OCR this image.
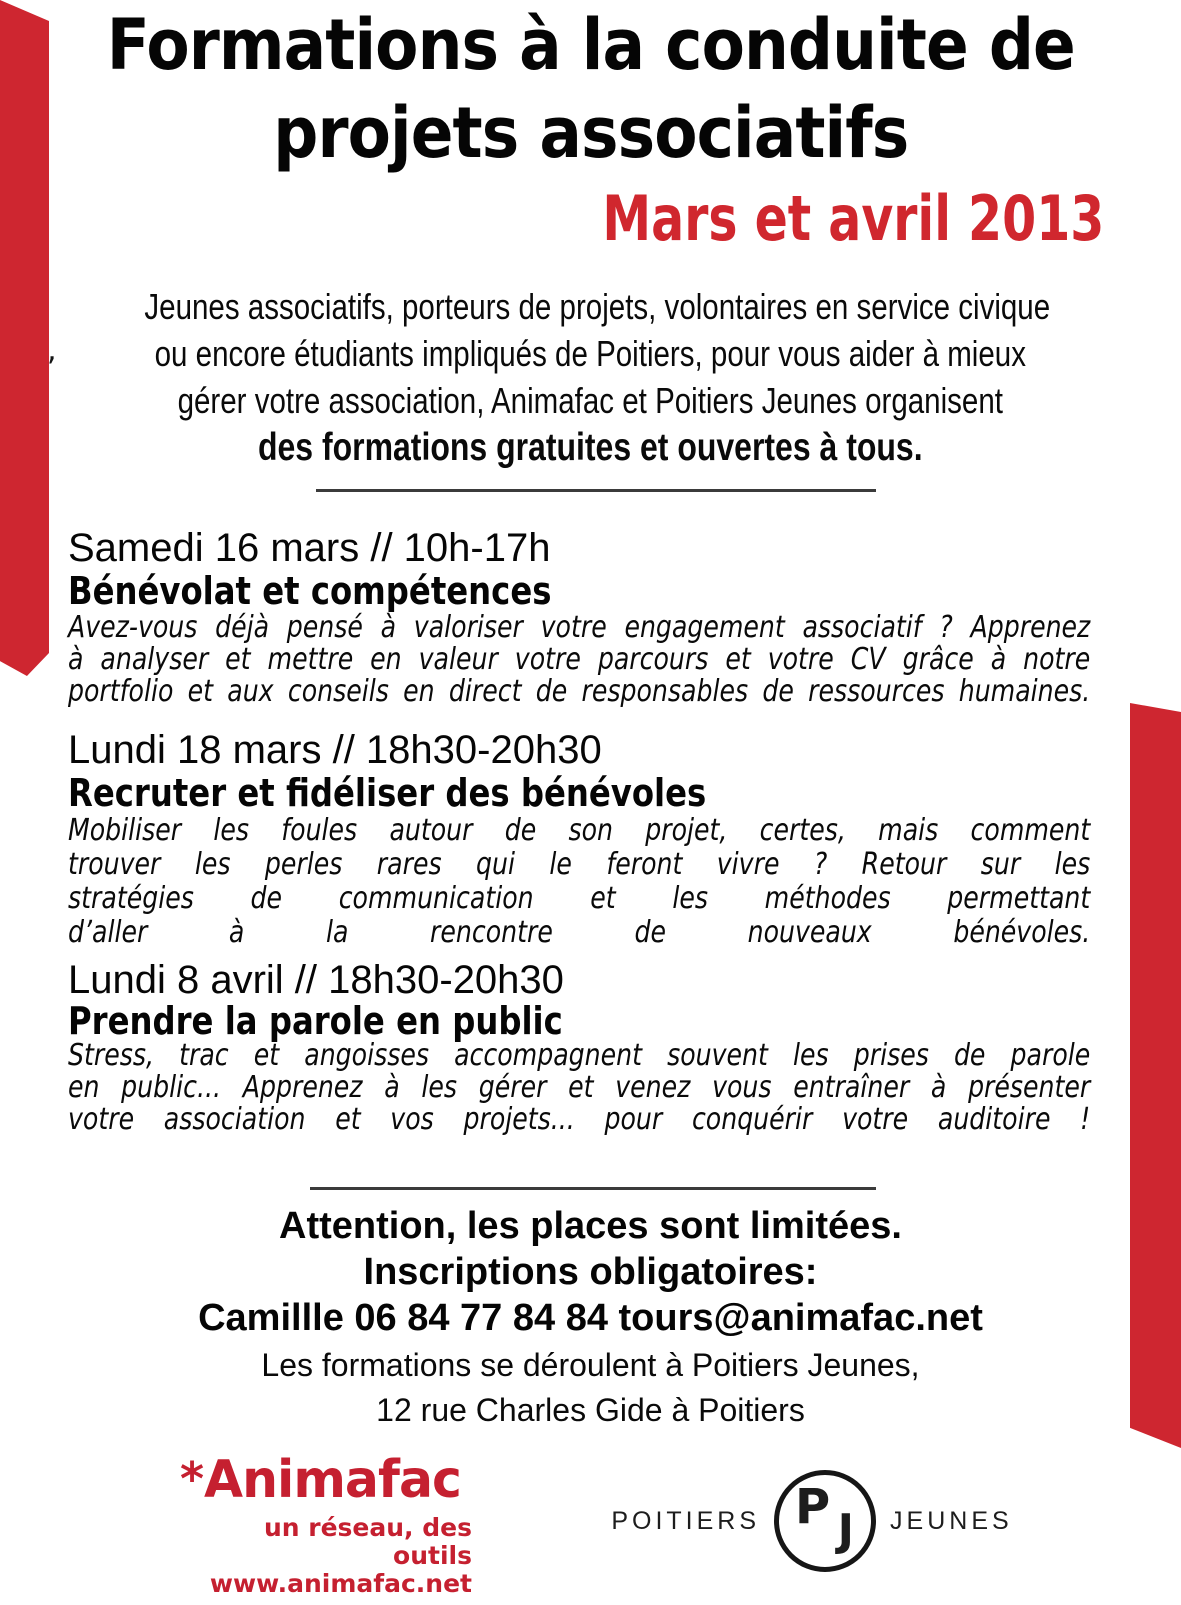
,
Formations à la conduite de
projets associatifs
Mars et avril 2013
Jeunes associatifs, porteurs de projets, volontaires en service civique
ou encore étudiants impliqués de Poitiers, pour vous aider à mieux
gérer votre association, Animafac et Poitiers Jeunes organisent
des formations gratuites et ouvertes à tous.
Samedi 16 mars // 10h-17h
Bénévolat et compétences
Avez-vous déjà pensé à valoriser votre engagement associatif ? Apprenez
à analyser et mettre en valeur votre parcours et votre CV grâce à notre
portfolio et aux conseils en direct de responsables de ressources humaines.
Lundi 18 mars // 18h30-20h30
Recruter et fidéliser des bénévoles
Mobiliser les foules autour de son projet, certes, mais comment
trouver les perles rares qui le feront vivre ? Retour sur les
stratégies de communication et les méthodes permettant
d’aller à la rencontre de nouveaux bénévoles.
Lundi 8 avril // 18h30-20h30
Prendre la parole en public
Stress, trac et angoisses accompagnent souvent les prises de parole
en public... Apprenez à les gérer et venez vous entraîner à présenter
votre association et vos projets... pour conquérir votre auditoire !
Attention, les places sont limitées.
Inscriptions obligatoires:
Camillle 06 84 77 84 84 tours@animafac.net
Les formations se déroulent à Poitiers Jeunes,
12 rue Charles Gide à Poitiers
* Animafac
un réseau, des outils
www.animafac.net
POITIERS P J JEUNES
